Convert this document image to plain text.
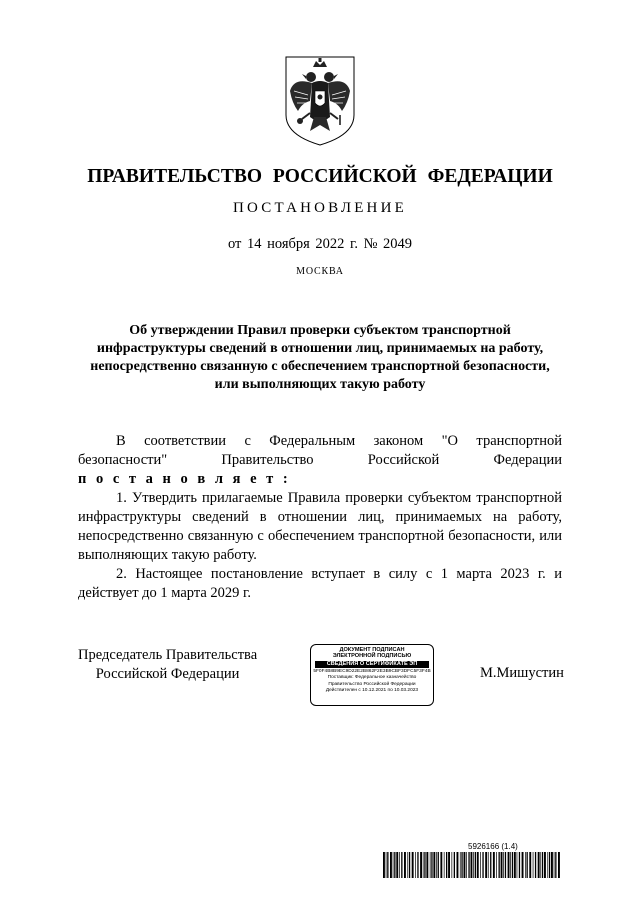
ПРАВИТЕЛЬСТВО РОССИЙСКОЙ ФЕДЕРАЦИИ
ПОСТАНОВЛЕНИЕ
от 14 ноября 2022 г. № 2049
МОСКВА
Об утверждении Правил проверки субъектом транспортной инфраструктуры сведений в отношении лиц, принимаемых на работу, непосредственно связанную с обеспечением транспортной безопасности, или выполняющих такую работу

В соответствии с Федеральным законом "О транспортной безопасности" Правительство Российской Федерации

п о с т а н о в л я е т :

1. Утвердить прилагаемые Правила проверки субъектом транспортной инфраструктуры сведений в отношении лиц, принимаемых на работу, непосредственно связанную с обеспечением транспортной безопасности, или выполняющих такую работу.

2. Настоящее постановление вступает в силу с 1 марта 2023 г. и действует до 1 марта 2029 г.

Председатель Правительства
Российской Федерации
ДОКУМЕНТ ПОДПИСАН
ЭЛЕКТРОННОЙ ПОДПИСЬЮ
СВЕДЕНИЯ О СЕРТИФИКАТЕ ЭП
5F0F4B8B9EC9D22E2B862F2E3B9CBF3DFC5F3F4B
Поставщик: Федеральное казначейство
Правительство Российской Федерации
Действителен с 10.12.2021 по 10.03.2023
М.Мишустин
5926166 (1.4)
